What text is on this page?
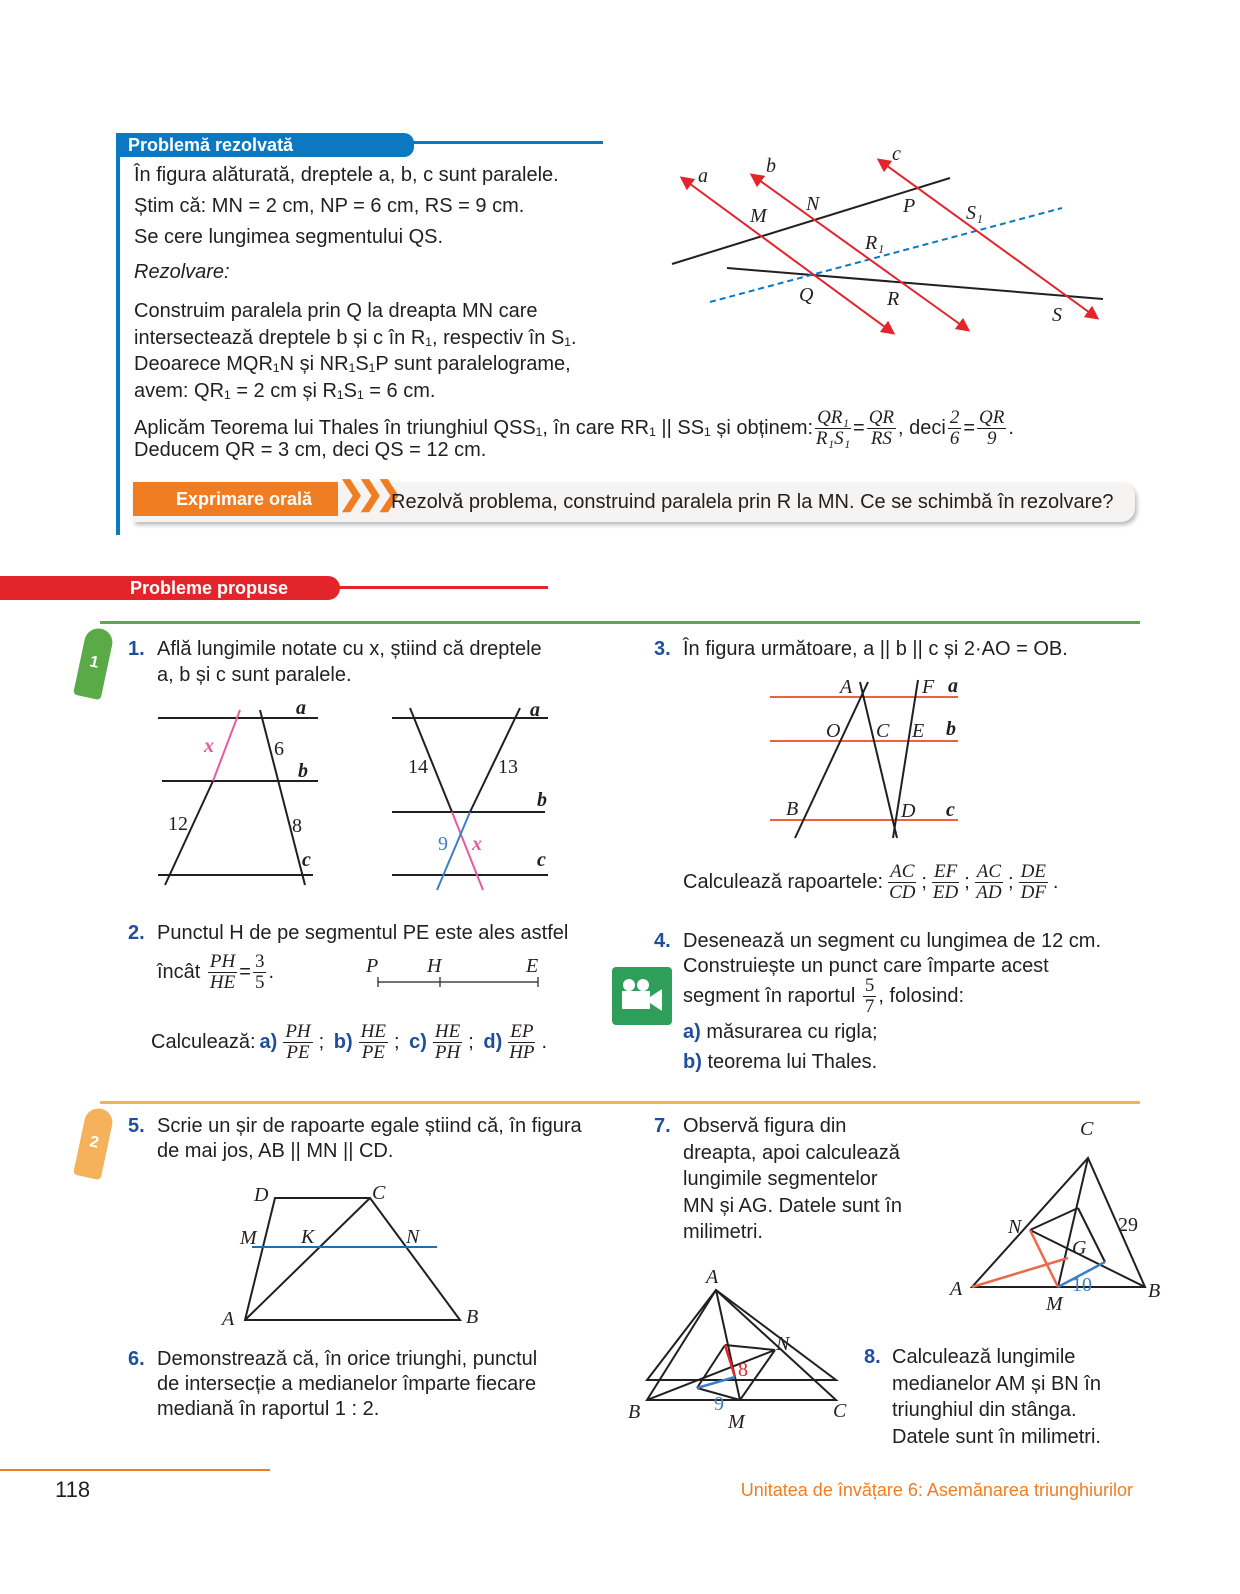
Problemă rezolvată
În figura alăturată, dreptele a, b, c sunt paralele.
Știm că: MN = 2 cm, NP = 6 cm, RS = 9 cm.
Se cere lungimea segmentului QS.
Rezolvare:
Construim paralela prin Q la dreapta MN care
intersectează dreptele b și c în R₁, respectiv în S₁.
Deoarece MQR₁N și NR₁S₁P sunt paralelograme,
avem: QR₁ = 2 cm și R₁S₁ = 6 cm.
Aplicăm Teorema lui Thales în triunghiul QSS₁, în care RR₁ || SS₁ și obținem: $\frac{\text{QR₁}}{\text{R₁S₁}} = \frac{QR}{RS}$ , deci $\frac{2}{6} = \frac{QR}{9}$ .
Deducem QR = 3 cm, deci QS = 12 cm.
Exprimare orală ❯❯❯
Rezolvă problema, construind paralela prin R la MN. Ce se schimbă în rezolvare?
Probleme propuse
1
2
1. Află lungimile notate cu x, știind că dreptele
a, b și c sunt paralele.
2. Punctul H de pe segmentul PE este ales astfel
încât
$\frac{PH}{HE} = \frac{3}{5}$ .
Calculează: $a) \frac{PH}{PE}$ ; $b) \frac{HE}{PE}$ ; $c) \frac{HE}{PH}$ ; $d) \frac{EP}{HP}$ .
3. În figura următoare, a || b || c și 2·AO = OB.
Calculează rapoartele: $\frac{AC}{CD}$ ; $\frac{EF}{ED}$ ; $\frac{AC}{AD}$ ; $\frac{DE}{DF}$ .
4. Desenează un segment cu lungimea de 12 cm.
Construiește un punct care împarte acest
segment în raportul
$\frac{5}{7}$ , folosind:
a) măsurarea cu rigla;
b) teorema lui Thales.
5. Scrie un șir de rapoarte egale știind că, în figura
de mai jos, AB || MN || CD.
6. Demonstrează că, în orice triunghi, punctul
de intersecție a medianelor împarte fiecare
mediană în raportul 1 : 2.
7. Observă figura din
dreapta, apoi calculează
lungimile segmentelor
MN și AG. Datele sunt în
milimetri.
8. Calculează lungimile
medianelor AM și BN în
triunghiul din stânga.
Datele sunt în milimetri.
118	Unitatea de învățare 6: Asemănarea triunghiurilor
a	b
c
M
N	P	S₁
R₁
Q	R
S
a
b
c
x	6
12	8
a
b
c
14	13
9 x
P H	E
A	F a
O C E b
B	D c
D	C
M K	N
A	B
C
N
G
29
10
A
M
B
A
N
8
9
B	M	C
